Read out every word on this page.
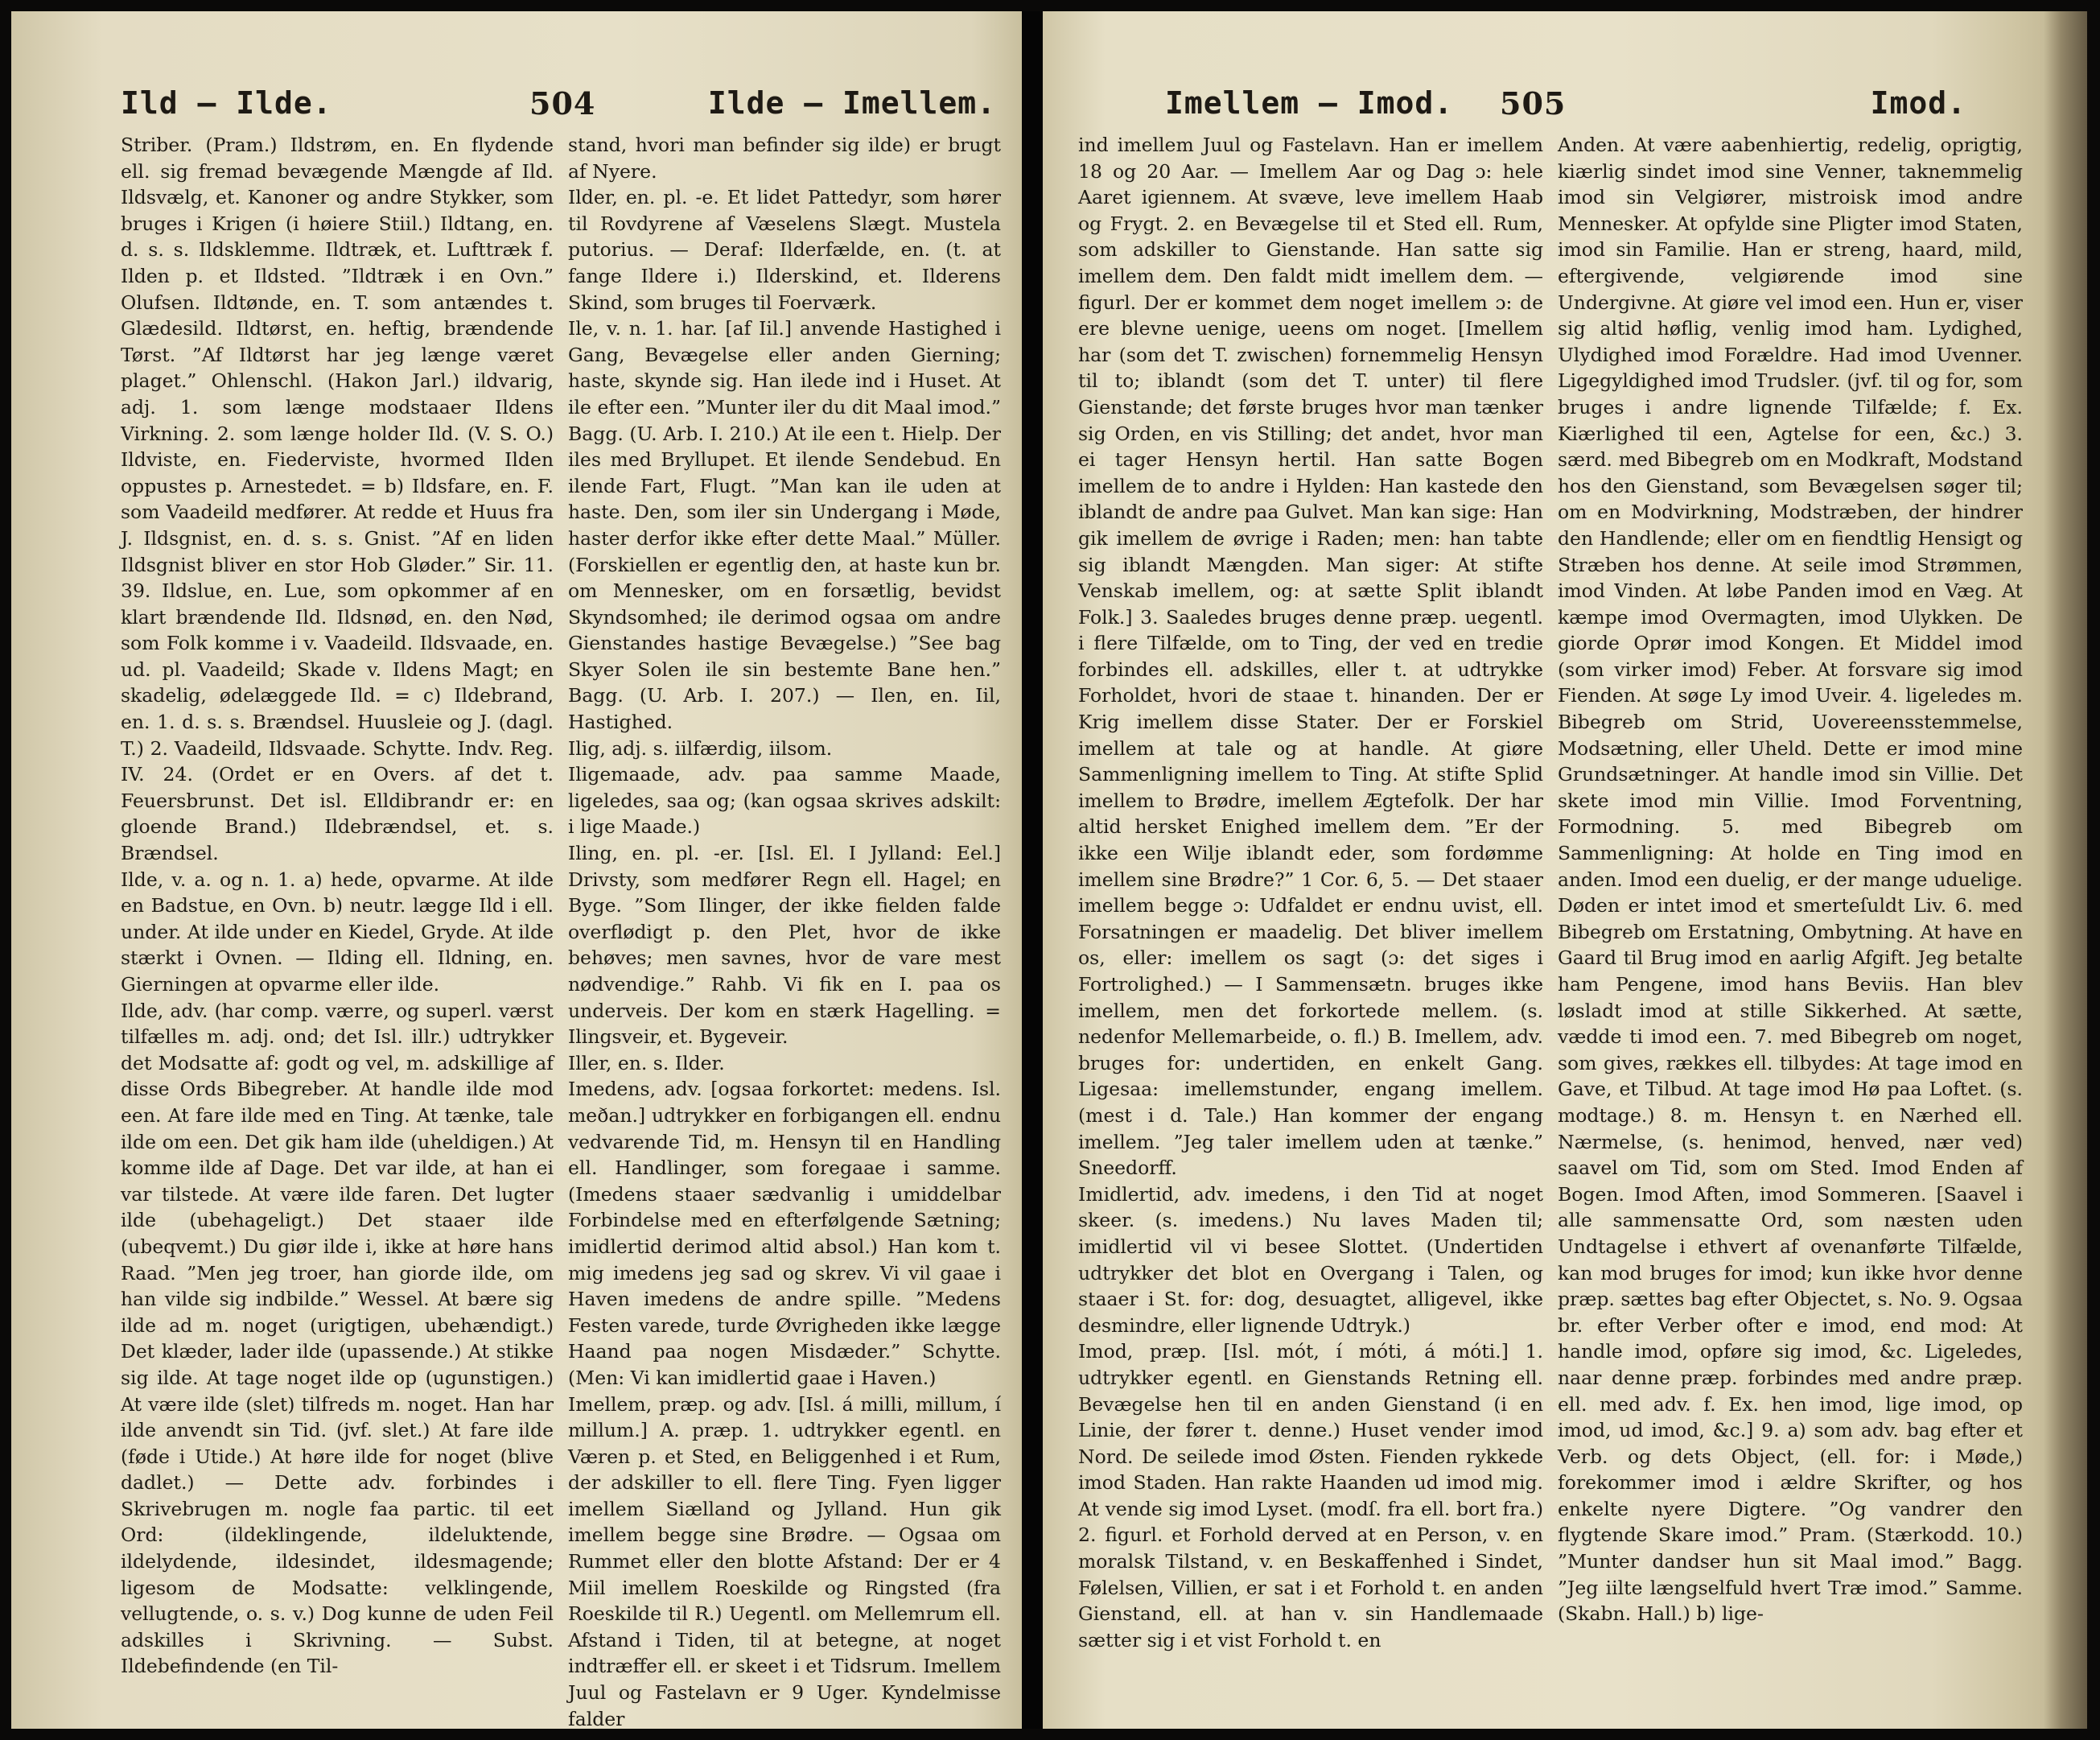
Ild — Ilde.	504	Ilde — Imellem.

Striber. (Pram.) Ildstrøm, en. En flydende ell. sig fremad bevægende Mængde af Ild. Ildsvælg, et. Kanoner og andre Stykker, som bruges i Krigen (i høiere Stiil.) Ildtang, en. d. s. s. Ildsklemme. Ildtræk, et. Lufttræk f. Ilden p. et Ildsted. ”Ildtræk i en Ovn.” Olufsen. Ildtønde, en. T. som antændes t. Glædesild. Ildtørst, en. heftig, brændende Tørst. ”Af Ildtørst har jeg længe været plaget.” Ohlenschl. (Hakon Jarl.) ildvarig, adj. 1. som længe modstaaer Ildens Virkning. 2. som længe holder Ild. (V. S. O.) Ildviste, en. Fiederviste, hvormed Ilden oppustes p. Arnestedet. = b) Ildsfare, en. F. som Vaadeild medfører. At redde et Huus fra J. Ildsgnist, en. d. s. s. Gnist. ”Af en liden Ildsgnist bliver en stor Hob Gløder.” Sir. 11. 39. Ildslue, en. Lue, som opkommer af en klart brændende Ild. Ildsnød, en. den Nød, som Folk komme i v. Vaadeild. Ildsvaade, en. ud. pl. Vaadeild; Skade v. Ildens Magt; en skadelig, ødelæggede Ild. = c) Ildebrand, en. 1. d. s. s. Brændsel. Huusleie og J. (dagl. T.) 2. Vaadeild, Ildsvaade. Schytte. Indv. Reg. IV. 24. (Ordet er en Overs. af det t. Feuersbrunst. Det isl. Elldibrandr er: en gloende Brand.) Ildebrændsel, et. s. Brændsel.

Ilde, v. a. og n. 1. a) hede, opvarme. At ilde en Badstue, en Ovn. b) neutr. lægge Ild i ell. under. At ilde under en Kiedel, Gryde. At ilde stærkt i Ovnen. — Ilding ell. Ildning, en. Gierningen at opvarme eller ilde.

Ilde, adv. (har comp. værre, og superl. værst tilfælles m. adj. ond; det Isl. illr.) udtrykker det Modsatte af: godt og vel, m. adskillige af disse Ords Bibegreber. At handle ilde mod een. At fare ilde med en Ting. At tænke, tale ilde om een. Det gik ham ilde (uheldigen.) At komme ilde af Dage. Det var ilde, at han ei var tilstede. At være ilde faren. Det lugter ilde (ubehageligt.) Det staaer ilde (ubeqvemt.) Du giør ilde i, ikke at høre hans Raad. ”Men jeg troer, han giorde ilde, om han vilde sig indbilde.” Wessel. At bære sig ilde ad m. noget (urigtigen, ubehændigt.) Det klæder, lader ilde (upassende.) At stikke sig ilde. At tage noget ilde op (ugunstigen.) At være ilde (slet) tilfreds m. noget. Han har ilde anvendt sin Tid. (jvf. slet.) At fare ilde (føde i Utide.) At høre ilde for noget (blive dadlet.) — Dette adv. forbindes i Skrivebrugen m. nogle faa partic. til eet Ord: (ildeklingende, ildeluktende, ildelydende, ildesindet, ildesmagende; ligesom de Modsatte: velklingende, vellugtende, o. s. v.) Dog kunne de uden Feil adskilles i Skrivning. — Subst. Ildebefindende (en Til-

stand, hvori man befinder sig ilde) er brugt af Nyere.

Ilder, en. pl. -e. Et lidet Pattedyr, som hører til Rovdyrene af Væselens Slægt. Mustela putorius. — Deraf: Ilderfælde, en. (t. at fange Ildere i.) Ilderskind, et. Ilderens Skind, som bruges til Foerværk.

Ile, v. n. 1. har. [af Iil.] anvende Hastighed i Gang, Bevægelse eller anden Gierning; haste, skynde sig. Han ilede ind i Huset. At ile efter een. ”Munter iler du dit Maal imod.” Bagg. (U. Arb. I. 210.) At ile een t. Hielp. Der iles med Bryllupet. Et ilende Sendebud. En ilende Fart, Flugt. ”Man kan ile uden at haste. Den, som iler sin Undergang i Møde, haster derfor ikke efter dette Maal.” Müller. (Forskiellen er egentlig den, at haste kun br. om Mennesker, om en forsætlig, bevidst Skyndsomhed; ile derimod ogsaa om andre Gienstandes hastige Bevægelse.) ”See bag Skyer Solen ile sin bestemte Bane hen.” Bagg. (U. Arb. I. 207.) — Ilen, en. Iil, Hastighed.

Ilig, adj. s. iilfærdig, iilsom.

Iligemaade, adv. paa samme Maade, ligeledes, saa og; (kan ogsaa skrives adskilt: i lige Maade.)

Iling, en. pl. -er. [Isl. El. I Jylland: Eel.] Drivsty, som medfører Regn ell. Hagel; en Byge. ”Som Ilinger, der ikke fielden falde overflødigt p. den Plet, hvor de ikke behøves; men savnes, hvor de vare mest nødvendige.” Rahb. Vi fik en I. paa os underveis. Der kom en stærk Hagelling. = Ilingsveir, et. Bygeveir.

Iller, en. s. Ilder.

Imedens, adv. [ogsaa forkortet: medens. Isl. meðan.] udtrykker en forbigangen ell. endnu vedvarende Tid, m. Hensyn til en Handling ell. Handlinger, som foregaae i samme. (Imedens staaer sædvanlig i umiddelbar Forbindelse med en efterfølgende Sætning; imidlertid derimod altid absol.) Han kom t. mig imedens jeg sad og skrev. Vi vil gaae i Haven imedens de andre spille. ”Medens Festen varede, turde Øvrigheden ikke lægge Haand paa nogen Misdæder.” Schytte. (Men: Vi kan imidlertid gaae i Haven.)

Imellem, præp. og adv. [Isl. á milli, millum, í millum.] A. præp. 1. udtrykker egentl. en Væren p. et Sted, en Beliggenhed i et Rum, der adskiller to ell. flere Ting. Fyen ligger imellem Siælland og Jylland. Hun gik imellem begge sine Brødre. — Ogsaa om Rummet eller den blotte Afstand: Der er 4 Miil imellem Roeskilde og Ringsted (fra Roeskilde til R.) Uegentl. om Mellemrum ell. Afstand i Tiden, til at betegne, at noget indtræffer ell. er skeet i et Tidsrum. Imellem Juul og Fastelavn er 9 Uger. Kyndelmisse falder

Imellem — Imod. 505	Imod.

ind imellem Juul og Fastelavn. Han er imellem 18 og 20 Aar. — Imellem Aar og Dag ɔ: hele Aaret igiennem. At svæve, leve imellem Haab og Frygt. 2. en Bevægelse til et Sted ell. Rum, som adskiller to Gienstande. Han satte sig imellem dem. Den faldt midt imellem dem. — figurl. Der er kommet dem noget imellem ɔ: de ere blevne uenige, ueens om noget. [Imellem har (som det T. zwischen) fornemmelig Hensyn til to; iblandt (som det T. unter) til flere Gienstande; det første bruges hvor man tænker sig Orden, en vis Stilling; det andet, hvor man ei tager Hensyn hertil. Han satte Bogen imellem de to andre i Hylden: Han kastede den iblandt de andre paa Gulvet. Man kan sige: Han gik imellem de øvrige i Raden; men: han tabte sig iblandt Mængden. Man siger: At stifte Venskab imellem, og: at sætte Split iblandt Folk.] 3. Saaledes bruges denne præp. uegentl. i flere Tilfælde, om to Ting, der ved en tredie forbindes ell. adskilles, eller t. at udtrykke Forholdet, hvori de staae t. hinanden. Der er Krig imellem disse Stater. Der er Forskiel imellem at tale og at handle. At giøre Sammenligning imellem to Ting. At stifte Splid imellem to Brødre, imellem Ægtefolk. Der har altid hersket Enighed imellem dem. ”Er der ikke een Wilje iblandt eder, som fordømme imellem sine Brødre?” 1 Cor. 6, 5. — Det staaer imellem begge ɔ: Udfaldet er endnu uvist, ell. Forsatningen er maadelig. Det bliver imellem os, eller: imellem os sagt (ɔ: det siges i Fortrolighed.) — I Sammensætn. bruges ikke imellem, men det forkortede mellem. (s. nedenfor Mellemarbeide, o. fl.) B. Imellem, adv. bruges for: undertiden, en enkelt Gang. Ligesaa: imellemstunder, engang imellem. (mest i d. Tale.) Han kommer der engang imellem. ”Jeg taler imellem uden at tænke.” Sneedorff.

Imidlertid, adv. imedens, i den Tid at noget skeer. (s. imedens.) Nu laves Maden til; imidlertid vil vi besee Slottet. (Undertiden udtrykker det blot en Overgang i Talen, og staaer i St. for: dog, desuagtet, alligevel, ikke desmindre, eller lignende Udtryk.)

Imod, præp. [Isl. mót, í móti, á móti.] 1. udtrykker egentl. en Gienstands Retning ell. Bevægelse hen til en anden Gienstand (i en Linie, der fører t. denne.) Huset vender imod Nord. De seilede imod Østen. Fienden rykkede imod Staden. Han rakte Haanden ud imod mig. At vende sig imod Lyset. (modſ. fra ell. bort fra.) 2. figurl. et Forhold derved at en Person, v. en moralsk Tilstand, v. en Beskaffenhed i Sindet, Følelsen, Villien, er sat i et Forhold t. en anden Gienstand, ell. at han v. sin Handlemaade sætter sig i et vist Forhold t. en

Anden. At være aabenhiertig, redelig, oprigtig, kiærlig sindet imod sine Venner, taknemmelig imod sin Velgiører, mistroisk imod andre Mennesker. At opfylde sine Pligter imod Staten, imod sin Familie. Han er streng, haard, mild, eftergivende, velgiørende imod sine Undergivne. At giøre vel imod een. Hun er, viser sig altid høflig, venlig imod ham. Lydighed, Ulydighed imod Forældre. Had imod Uvenner. Ligegyldighed imod Trudsler. (jvf. til og for, som bruges i andre lignende Tilfælde; f. Ex. Kiærlighed til een, Agtelse for een, &c.) 3. særd. med Bibegreb om en Modkraft, Modstand hos den Gienstand, som Bevægelsen søger til; om en Modvirkning, Modstræben, der hindrer den Handlende; eller om en fiendtlig Hensigt og Stræben hos denne. At seile imod Strømmen, imod Vinden. At løbe Panden imod en Væg. At kæmpe imod Overmagten, imod Ulykken. De giorde Oprør imod Kongen. Et Middel imod (som virker imod) Feber. At forsvare sig imod Fienden. At søge Ly imod Uveir. 4. ligeledes m. Bibegreb om Strid, Uovereensstemmelse, Modsætning, eller Uheld. Dette er imod mine Grundsætninger. At handle imod sin Villie. Det skete imod min Villie. Imod Forventning, Formodning. 5. med Bibegreb om Sammenligning: At holde en Ting imod en anden. Imod een duelig, er der mange uduelige. Døden er intet imod et smerteſuldt Liv. 6. med Bibegreb om Erstatning, Ombytning. At have en Gaard til Brug imod en aarlig Afgift. Jeg betalte ham Pengene, imod hans Beviis. Han blev løsladt imod at stille Sikkerhed. At sætte, vædde ti imod een. 7. med Bibegreb om noget, som gives, rækkes ell. tilbydes: At tage imod en Gave, et Tilbud. At tage imod Hø paa Loftet. (s. modtage.) 8. m. Hensyn t. en Nærhed ell. Nærmelse, (s. henimod, henved, nær ved) saavel om Tid, som om Sted. Imod Enden af Bogen. Imod Aften, imod Sommeren. [Saavel i alle sammensatte Ord, som næsten uden Undtagelse i ethvert af ovenanførte Tilfælde, kan mod bruges for imod; kun ikke hvor denne præp. sættes bag efter Objectet, s. No. 9. Ogsaa br. efter Verber ofter e imod, end mod: At handle imod, opføre sig imod, &c. Ligeledes, naar denne præp. forbindes med andre præp. ell. med adv. f. Ex. hen imod, lige imod, op imod, ud imod, &c.] 9. a) som adv. bag efter et Verb. og dets Object, (ell. for: i Møde,) forekommer imod i ældre Skrifter, og hos enkelte nyere Digtere. ”Og vandrer den flygtende Skare imod.” Pram. (Stærkodd. 10.) ”Munter dandser hun sit Maal imod.” Bagg. ”Jeg iilte længselfuld hvert Træ imod.” Samme. (Skabn. Hall.) b) lige-
